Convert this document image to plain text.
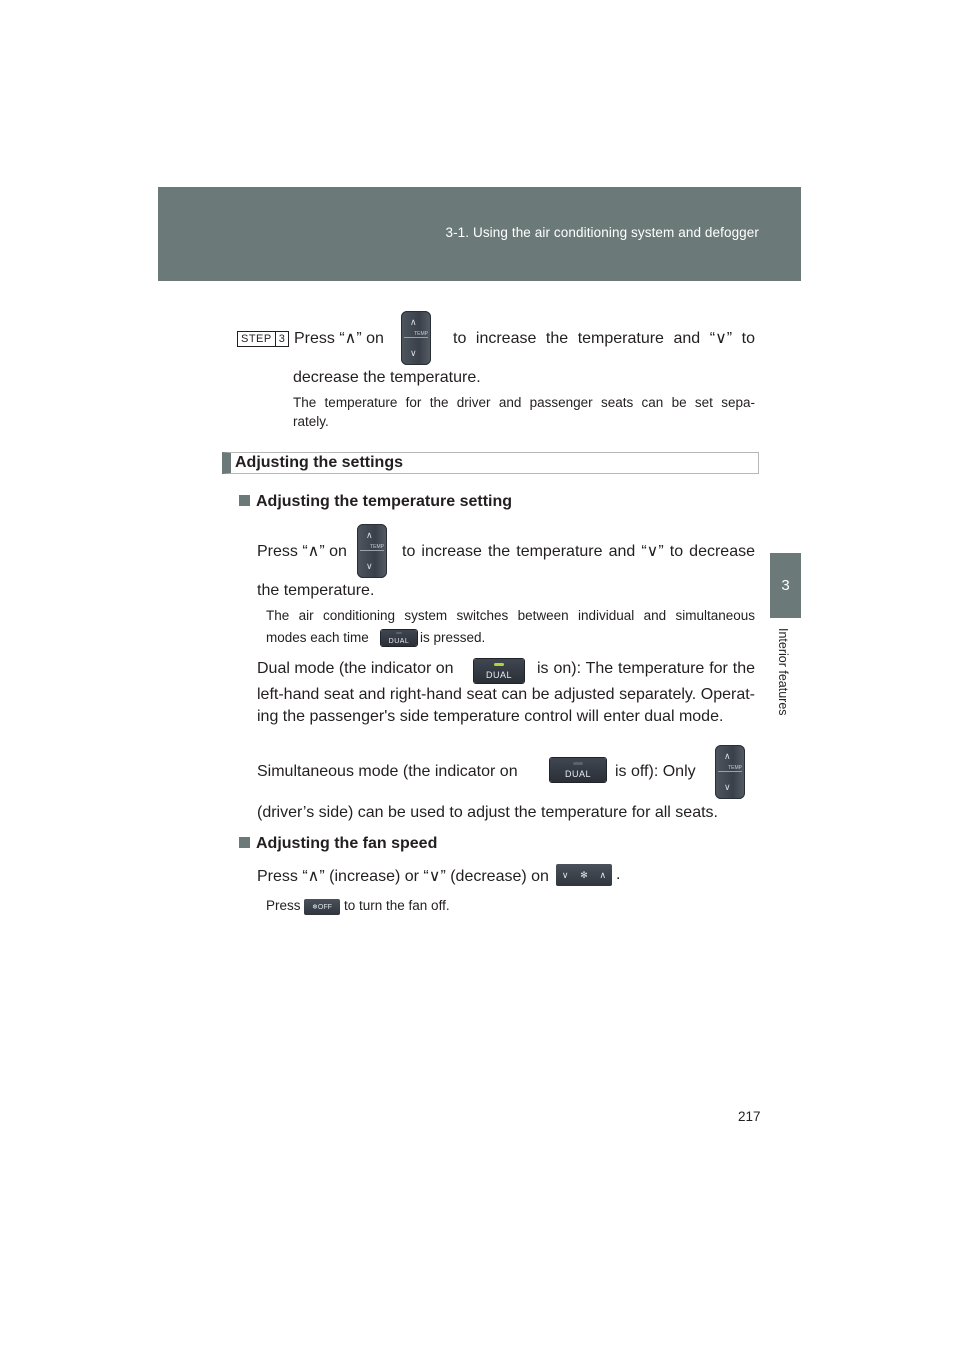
3-1. Using the air conditioning system and defogger
3
Interior features
STEP 3 Press “∧” on
∧
TEMP
∨
to increase the temperature and “∨” to
decrease the temperature.
The temperature for the driver and passenger seats can be set sepa-
rately.
Adjusting the settings
Adjusting the temperature setting
Press “∧” on
∧
TEMP
∨
to increase the temperature and “∨” to decrease
the temperature.
The air conditioning system switches between individual and simultaneous
modes each time	DUAL is pressed.
Dual mode (the indicator on	DUAL is on): The temperature for the
left-hand seat and right-hand seat can be adjusted separately. Operat-
ing the passenger's side temperature control will enter dual mode.
Simultaneous mode (the indicator on	DUAL is off): Only
∧
TEMP
∨
(driver’s side) can be used to adjust the temperature for all seats.
Adjusting the fan speed
Press “∧” (increase) or “∨” (decrease) on ∨ ✻ ∧ .
Press ❄OFF to turn the fan off.
217
